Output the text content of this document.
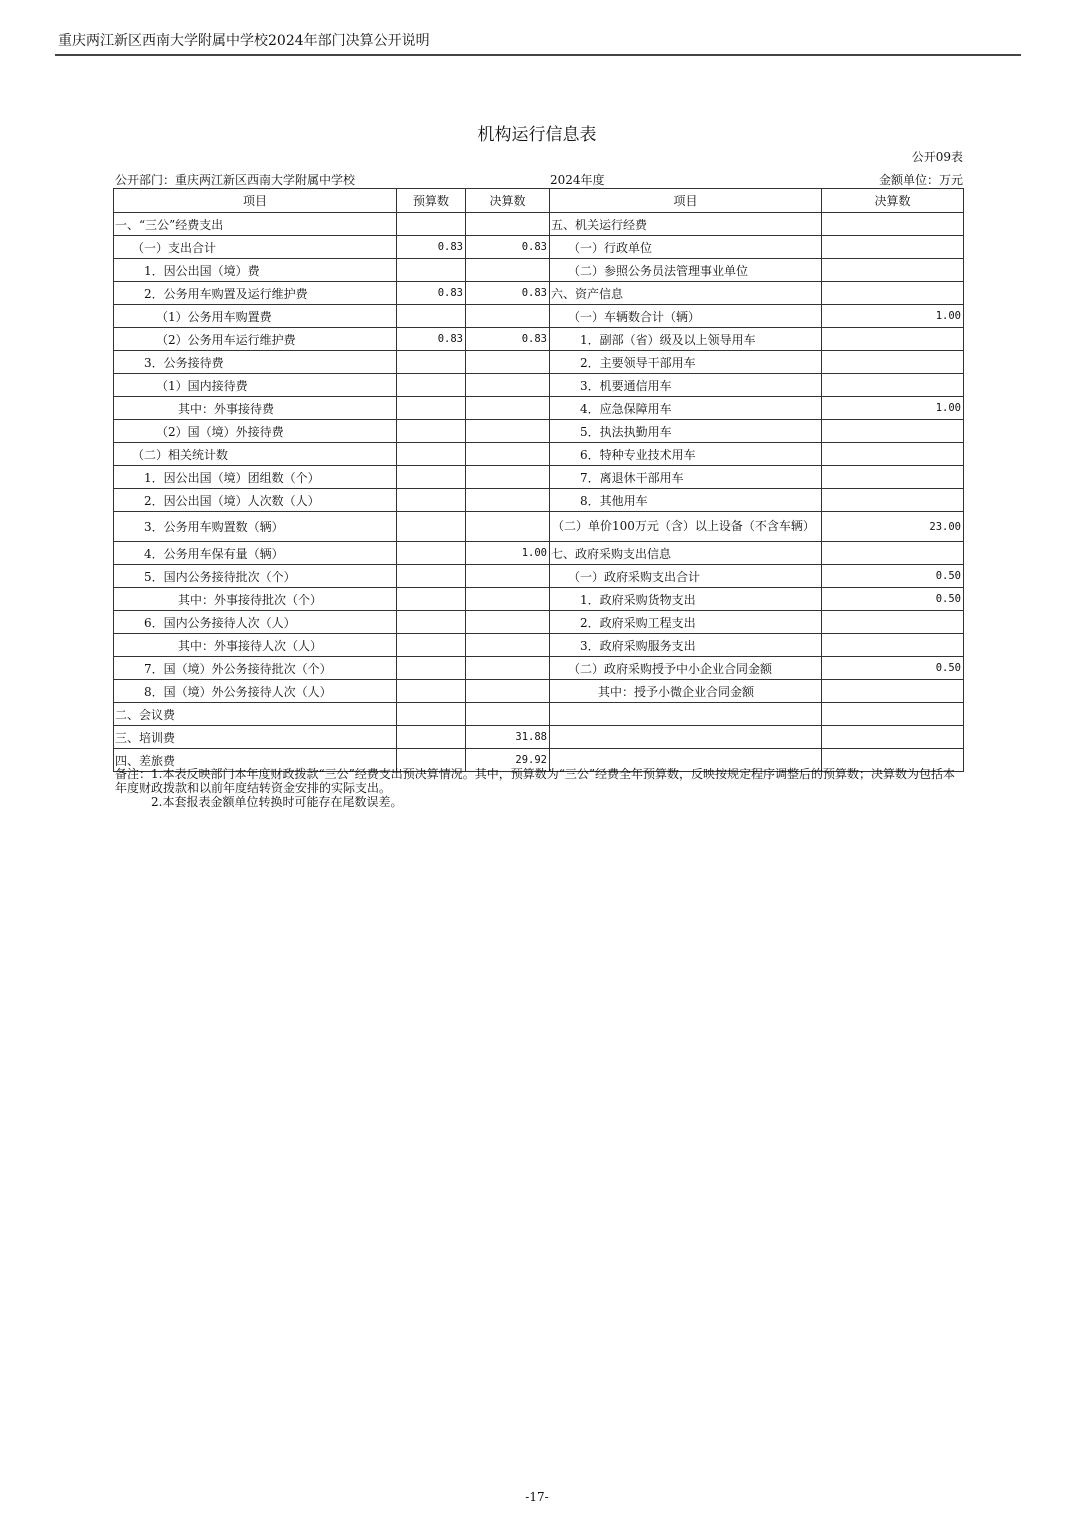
重庆两江新区西南大学附属中学校2024年部门决算公开说明
机构运行信息表
公开09表
公开部门：重庆两江新区西南大学附属中学校	2024年度	金额单位：万元
项目	预算数	决算数	项目	决算数
一、“三公”经费支出			五、机关运行经费	
（一）支出合计	0.83	0.83	（一）行政单位	
1．因公出国（境）费			（二）参照公务员法管理事业单位	
2．公务用车购置及运行维护费	0.83	0.83	六、资产信息	
（1）公务用车购置费			（一）车辆数合计（辆）	1.00
（2）公务用车运行维护费	0.83	0.83	1．副部（省）级及以上领导用车	
3．公务接待费			2．主要领导干部用车	
（1）国内接待费			3．机要通信用车	
其中：外事接待费			4．应急保障用车	1.00
（2）国（境）外接待费			5．执法执勤用车	
（二）相关统计数			6．特种专业技术用车	
1．因公出国（境）团组数（个）			7．离退休干部用车	
2．因公出国（境）人次数（人）			8．其他用车	
3．公务用车购置数（辆）			（二）单价100万元（含）以上设备（不含车辆）	23.00
4．公务用车保有量（辆）		1.00	七、政府采购支出信息	
5．国内公务接待批次（个）			（一）政府采购支出合计	0.50
其中：外事接待批次（个）			1．政府采购货物支出	0.50
6．国内公务接待人次（人）			2．政府采购工程支出	
其中：外事接待人次（人）			3．政府采购服务支出	
7．国（境）外公务接待批次（个）			（二）政府采购授予中小企业合同金额	0.50
8．国（境）外公务接待人次（人）			其中：授予小微企业合同金额	
二、会议费				
三、培训费		31.88		
四、差旅费		29.92		
备注：1.本表反映部门本年度财政拨款“三公”经费支出预决算情况。其中，预算数为“三公”经费全年预算数，反映按规定程序调整后的预算数；决算数为包括本年度财政拨款和以前年度结转资金安排的实际支出。
2.本套报表金额单位转换时可能存在尾数误差。
-17-
